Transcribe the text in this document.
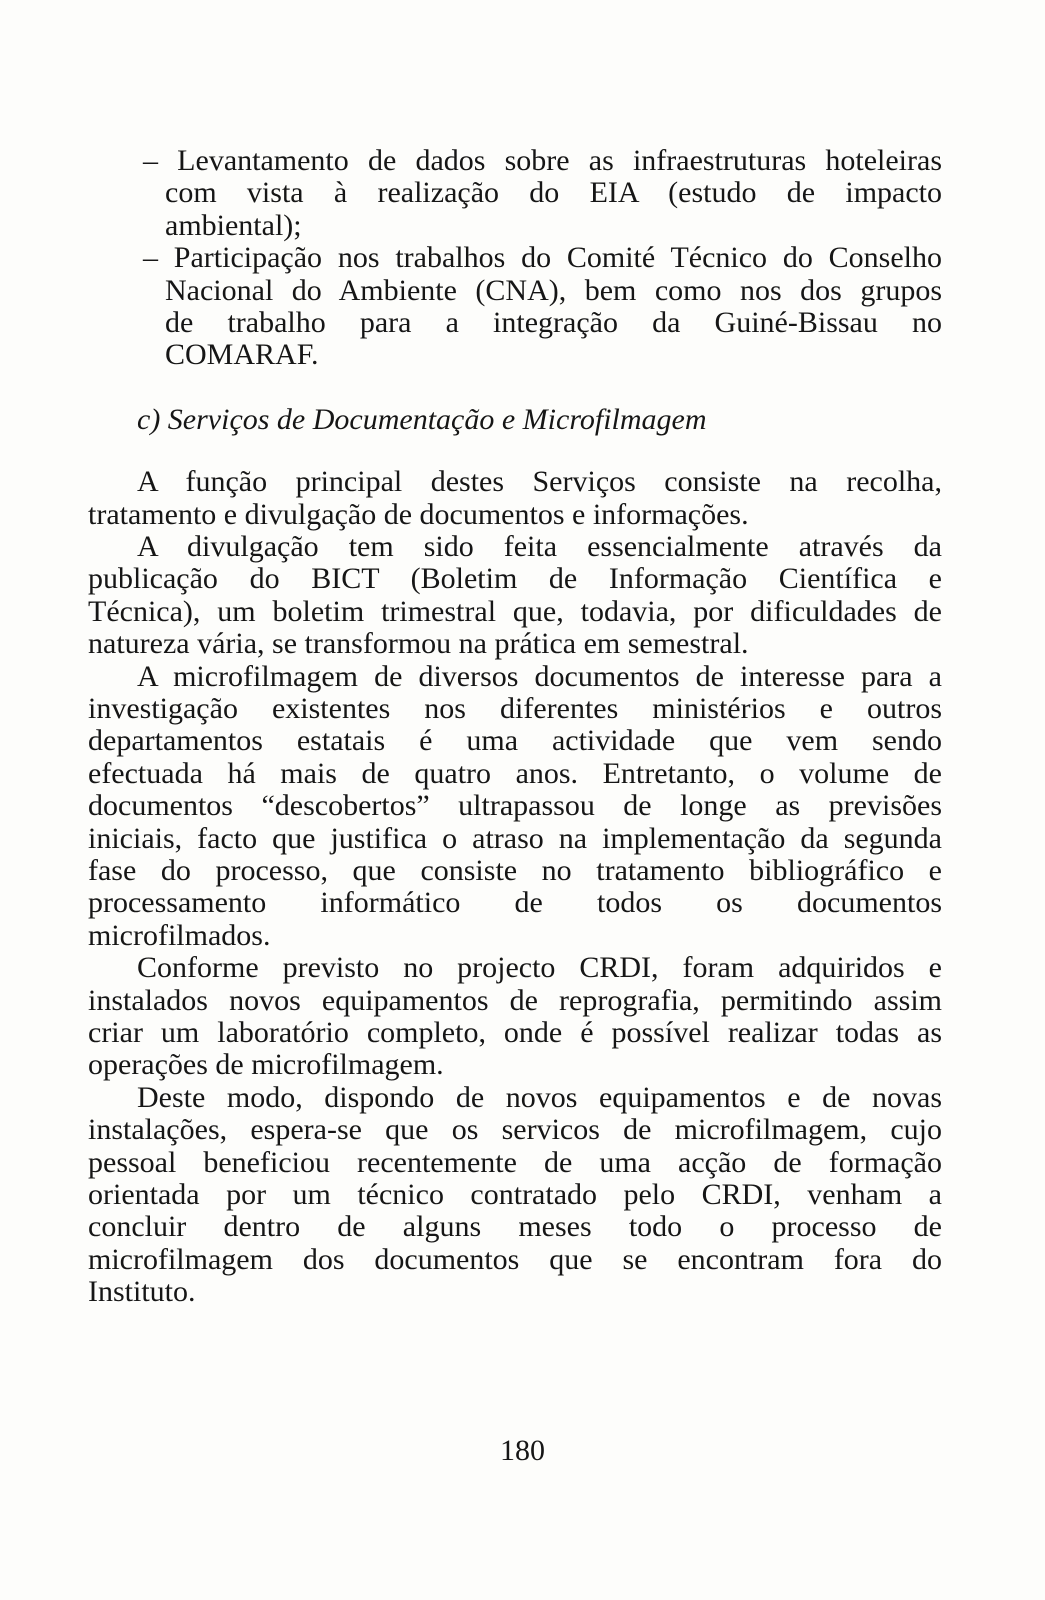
– Levantamento de dados sobre as infraestruturas hoteleiras
com vista à realização do EIA (estudo de impacto
ambiental);
– Participação nos trabalhos do Comité Técnico do Conselho
Nacional do Ambiente (CNA), bem como nos dos grupos
de trabalho para a integração da Guiné-Bissau no
COMARAF.
c) Serviços de Documentação e Microfilmagem
A função principal destes Serviços consiste na recolha,
tratamento e divulgação de documentos e informações.
A divulgação tem sido feita essencialmente através da
publicação do BICT (Boletim de Informação Científica e
Técnica), um boletim trimestral que, todavia, por dificuldades de
natureza vária, se transformou na prática em semestral.
A microfilmagem de diversos documentos de interesse para a
investigação existentes nos diferentes ministérios e outros
departamentos estatais é uma actividade que vem sendo
efectuada há mais de quatro anos. Entretanto, o volume de
documentos “descobertos” ultrapassou de longe as previsões
iniciais, facto que justifica o atraso na implementação da segunda
fase do processo, que consiste no tratamento bibliográfico e
processamento informático de todos os documentos
microfilmados.
Conforme previsto no projecto CRDI, foram adquiridos e
instalados novos equipamentos de reprografia, permitindo assim
criar um laboratório completo, onde é possível realizar todas as
operações de microfilmagem.
Deste modo, dispondo de novos equipamentos e de novas
instalações, espera-se que os servicos de microfilmagem, cujo
pessoal beneficiou recentemente de uma acção de formação
orientada por um técnico contratado pelo CRDI, venham a
concluir dentro de alguns meses todo o processo de
microfilmagem dos documentos que se encontram fora do
Instituto.
180
